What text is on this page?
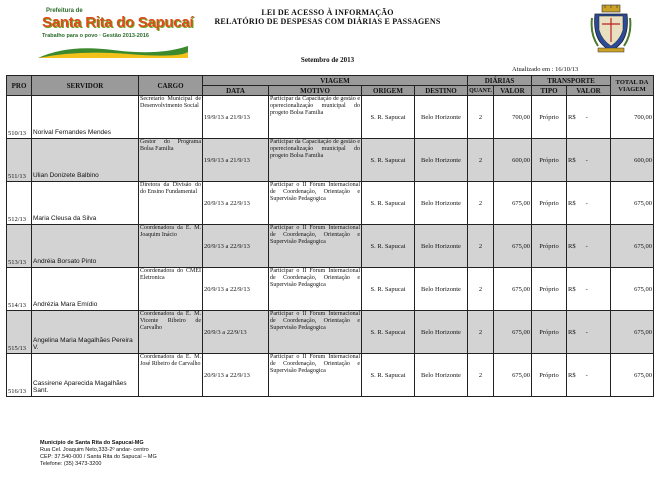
Prefeitura de
Santa Rita do Sapucaí
Trabalho para o povo · Gestão 2013-2016
LEI DE ACESSO À INFORMAÇÃO
RELATÓRIO DE DESPESAS COM DIÁRIAS E PASSAGENS
Setembro de 2013
Atualizado em : 16/10/13
PRO	SERVIDOR	CARGO	VIAGEM				DIÁRIAS		TRANSPORTE		TOTAL DA VIAGEM
			DATA	MOTIVO	ORIGEM	DESTINO	QUANT.	VALOR	TIPO	VALOR	
510/13	Norival Fernandes Mendes	Secretario Municipal de Desenvolvimento Social	19/9/13 a 21/9/13	Participar da Capacitação de gestão e operecionalização municipal do progeto Bolsa Familia	S. R. Sapucai	Belo Horizonte	2	700,00	Próprio	R$ -	700,00
511/13	Ulian Donizete Balbino	Gestor do Programa Bolsa Familia	19/9/13 a 21/9/13	Participar da Capacitação de gestão e operecionalização municipal do progeto Bolsa Familia	S. R. Sapucai	Belo Horizonte	2	600,00	Próprio	R$ -	600,00
512/13	Maria Cleusa da Silva	Diretora da Divisão do do Ensino Fundamental	20/9/13 a 22/9/13	Participar o II Fórum Internacional de Coordenação, Orientação e Supervisão Pedagogica	S. R. Sapucai	Belo Horizonte	2	675,00	Próprio	R$ -	675,00
513/13	Andréia Borsato Pinto	Coordenadora da E. M. Joaquim Inácio	20/9/13 a 22/9/13	Participar o II Fórum Internacional de Coordenação, Orientação e Supervisão Pedagogica	S. R. Sapucai	Belo Horizonte	2	675,00	Próprio	R$ -	675,00
514/13	Andrézia Mara Emídio	Coordenadora do CMEI Eletronica	20/9/13 a 22/9/13	Participar o II Fórum Internacional de Coordenação, Orientação e Supervisão Pedagogica	S. R. Sapucai	Belo Horizonte	2	675,00	Próprio	R$ -	675,00
515/13	Angelina Maria Magalhães Pereira V.	Coordenadora da E. M. Vicente Ribeiro de Carvalho	20/9/3 a 22/9/13	Participar o II Fórum Internacional de Coordenação, Orientação e Supervisão Pedagogica	S. R. Sapucai	Belo Horizonte	2	675,00	Próprio	R$ -	675,00
516/13	Cassirene Aparecida Magalhães Sant.	Coordenadora da E. M. José Ribeiro de Carvalho	20/9/13 a 22/9/13	Participar o II Fórum Internacional de Coordenação, Orientação e Supervisão Pedagogica	S. R. Sapucai	Belo Horizonte	2	675,00	Próprio	R$ -	675,00
Município de Santa Rita do Sapucaí-MG
Rua Cel. Joaquim Neto,333-2º andar- centro
CEP: 37.540-000 / Santa Rita do Sapucaí – MG
Telefone: (35) 3473-3200
